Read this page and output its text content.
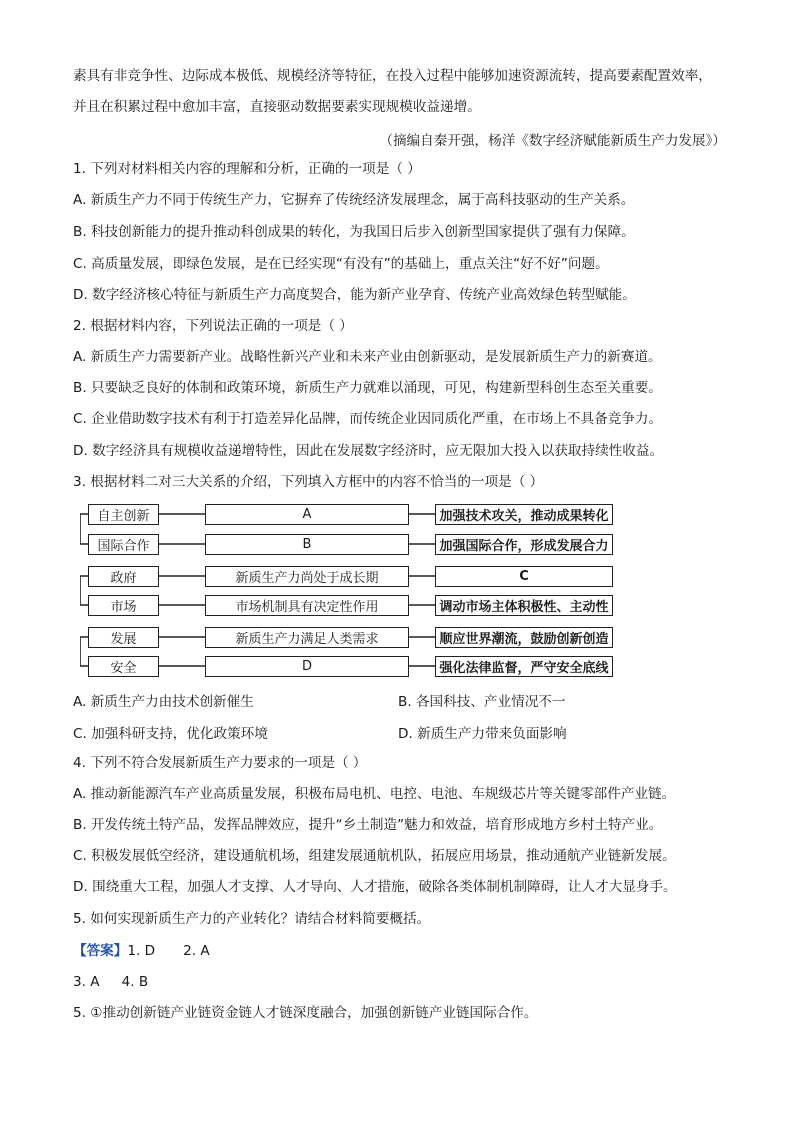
素具有非竞争性、边际成本极低、规模经济等特征，在投入过程中能够加速资源流转，提高要素配置效率，
并且在积累过程中愈加丰富，直接驱动数据要素实现规模收益递增。
（摘编自秦开强，杨洋《数字经济赋能新质生产力发展》）
1. 下列对材料相关内容的理解和分析，正确的一项是（ ）
A. 新质生产力不同于传统生产力，它摒弃了传统经济发展理念，属于高科技驱动的生产关系。
B. 科技创新能力的提升推动科创成果的转化，为我国日后步入创新型国家提供了强有力保障。
C. 高质量发展，即绿色发展，是在已经实现“有没有”的基础上，重点关注“好不好”问题。
D. 数字经济核心特征与新质生产力高度契合，能为新产业孕育、传统产业高效绿色转型赋能。
2. 根据材料内容，下列说法正确的一项是（ ）
A. 新质生产力需要新产业。战略性新兴产业和未来产业由创新驱动，是发展新质生产力的新赛道。
B. 只要缺乏良好的体制和政策环境，新质生产力就难以涌现，可见，构建新型科创生态至关重要。
C. 企业借助数字技术有利于打造差异化品牌，而传统企业因同质化严重，在市场上不具备竞争力。
D. 数字经济具有规模收益递增特性，因此在发展数字经济时，应无限加大投入以获取持续性收益。
3. 根据材料二对三大关系的介绍，下列填入方框中的内容不恰当的一项是（ ）
自主创新	A	加强技术攻关，推动成果转化
国际合作	B	加强国际合作，形成发展合力
政府	新质生产力尚处于成长期	C
市场	市场机制具有决定性作用	调动市场主体积极性、主动性
发展	新质生产力满足人类需求	顺应世界潮流，鼓励创新创造
安全	D	强化法律监督，严守安全底线
A. 新质生产力由技术创新催生	B. 各国科技、产业情况不一
C. 加强科研支持，优化政策环境	D. 新质生产力带来负面影响
4. 下列不符合发展新质生产力要求的一项是（ ）
A. 推动新能源汽车产业高质量发展，积极布局电机、电控、电池、车规级芯片等关键零部件产业链。
B. 开发传统土特产品，发挥品牌效应，提升“乡土制造”魅力和效益，培育形成地方乡村土特产业。
C. 积极发展低空经济，建设通航机场，组建发展通航机队，拓展应用场景，推动通航产业链新发展。
D. 围绕重大工程，加强人才支撑、人才导向、人才措施，破除各类体制机制障碍，让人才大显身手。
5. 如何实现新质生产力的产业转化？请结合材料简要概括。
【答案】1. D 2. A
3. A 4. B
5. ①推动创新链产业链资金链人才链深度融合，加强创新链产业链国际合作。
